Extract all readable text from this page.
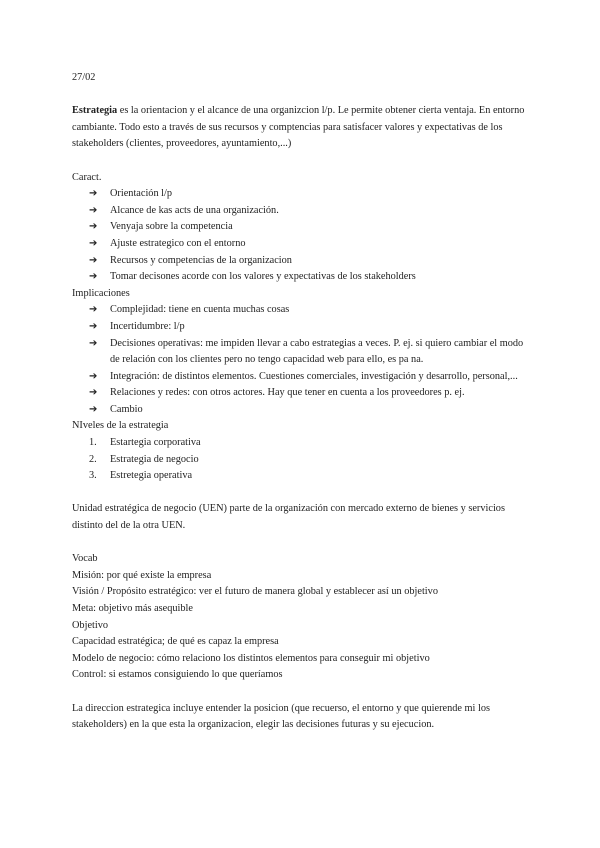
27/02

Estrategia es la orientacion y el alcance de una organizcion l/p. Le permite obtener cierta ventaja. En entorno cambiante. Todo esto a través de sus recursos y comptencias para satisfacer valores y expectativas de los stakeholders (clientes, proveedores, ayuntamiento,...)

Caract.

➔ Orientación l/p
➔ Alcance de kas acts de una organización.
➔ Venyaja sobre la competencia
➔ Ajuste estrategico con el entorno
➔ Recursos y competencias de la organizacion
➔ Tomar decisones acorde con los valores y expectativas de los stakeholders

Implicaciones

➔ Complejidad: tiene en cuenta muchas cosas
➔ Incertidumbre: l/p
➔ Decisiones operativas: me impiden llevar a cabo estrategias a veces. P. ej. si quiero cambiar el modo de relación con los clientes pero no tengo capacidad web para ello, es pa na.
➔ Integración: de distintos elementos. Cuestiones comerciales, investigación y desarrollo, personal,...
➔ Relaciones y redes: con otros actores. Hay que tener en cuenta a los proveedores p. ej.
➔ Cambio

NIveles de la estrategia

1. Estartegia corporativa
2. Estrategia de negocio
3. Estretegia operativa

Unidad estratégica de negocio (UEN) parte de la organización con mercado externo de bienes y servicios distinto del de la otra UEN.

Vocab

Misión: por qué existe la empresa

Visión / Propósito estratégico: ver el futuro de manera global y establecer así un objetivo

Meta: objetivo más asequible

Objetivo

Capacidad estratégica; de qué es capaz la empresa

Modelo de negocio: cómo relaciono los distintos elementos para conseguir mi objetivo

Control: si estamos consiguiendo lo que queríamos

La direccion estrategica incluye entender la posicion (que recuerso, el entorno y que quierende mi los stakeholders) en la que esta la organizacion, elegir las decisiones futuras y su ejecucion.
